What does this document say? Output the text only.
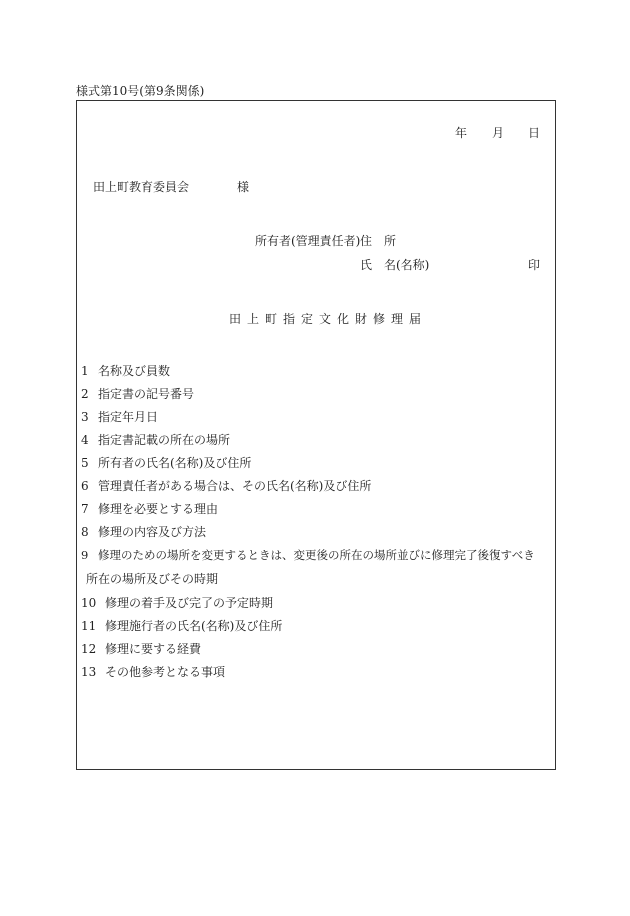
様式第10号(第9条関係)
年 月 日
田上町教育委員会	様
所有者(管理責任者) 住　所
氏　名(名称)	印
田上町指定文化財修理届
1 名称及び員数
2 指定書の記号番号
3 指定年月日
4 指定書記載の所在の場所
5 所有者の氏名(名称)及び住所
6 管理責任者がある場合は、その氏名(名称)及び住所
7 修理を必要とする理由
8 修理の内容及び方法
9 修理のための場所を変更するときは、変更後の所在の場所並びに修理完了後復すべき
所在の場所及びその時期
10 修理の着手及び完了の予定時期
11 修理施行者の氏名(名称)及び住所
12 修理に要する経費
13 その他参考となる事項
